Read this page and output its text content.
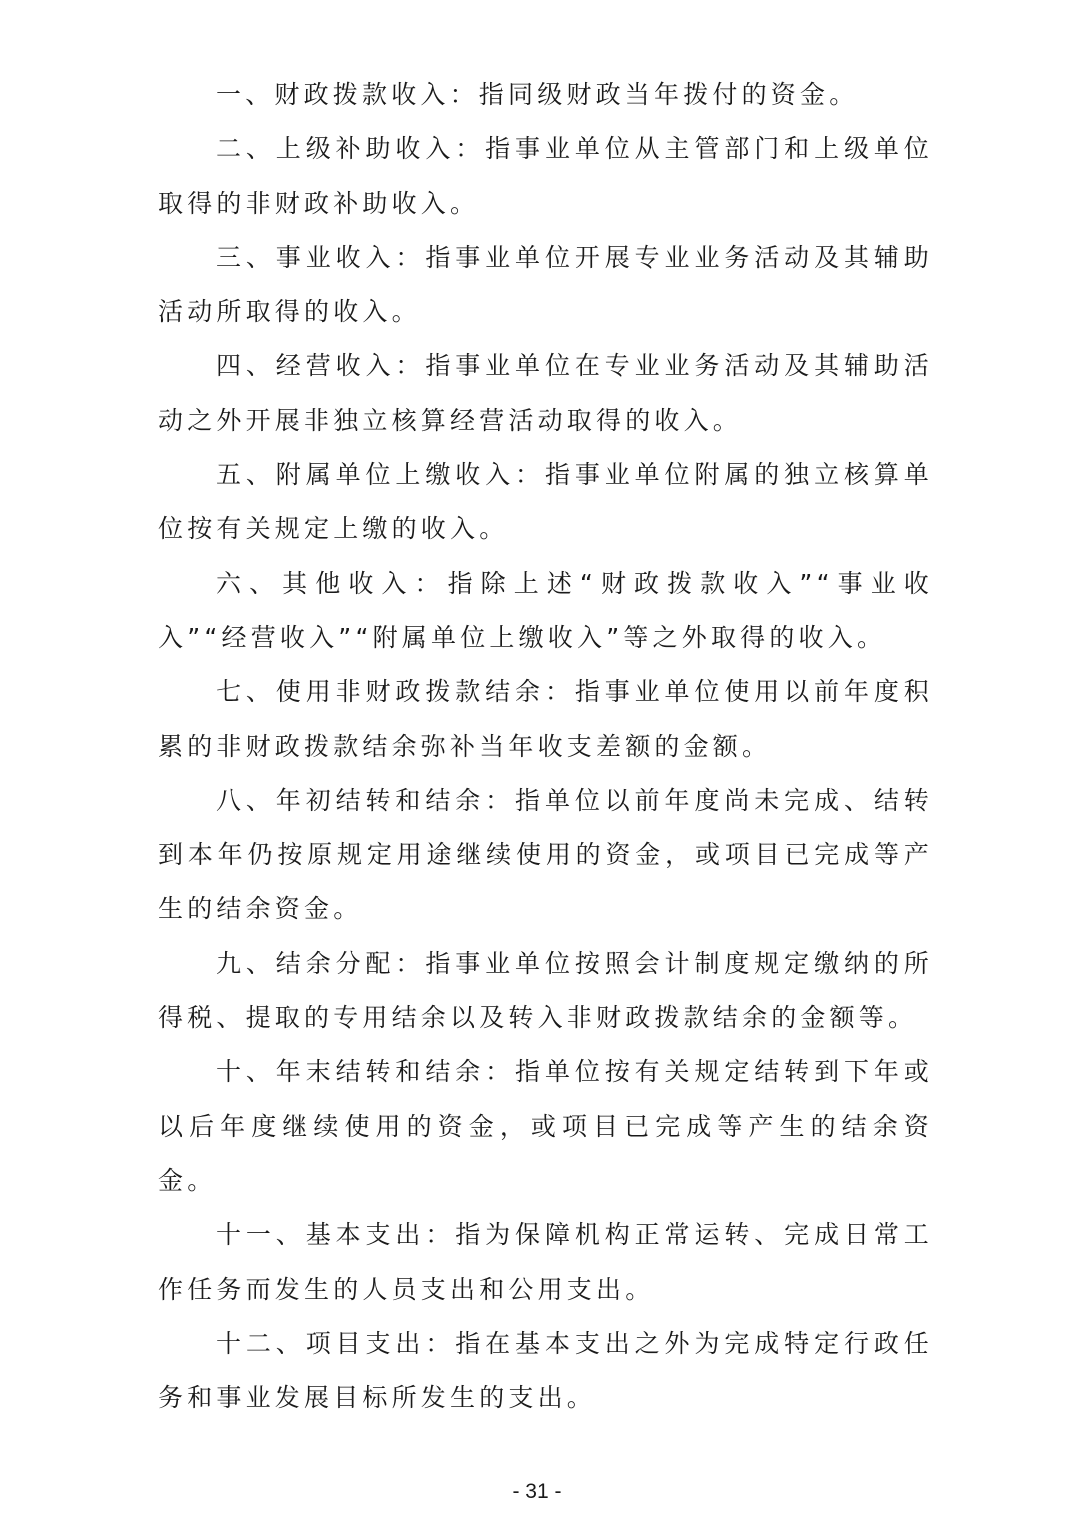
一、财政拨款收入：指同级财政当年拨付的资金。

二、上级补助收入：指事业单位从主管部门和上级单位取得的非财政补助收入。

三、事业收入：指事业单位开展专业业务活动及其辅助活动所取得的收入。

四、经营收入：指事业单位在专业业务活动及其辅助活动之外开展非独立核算经营活动取得的收入。

五、附属单位上缴收入：指事业单位附属的独立核算单位按有关规定上缴的收入。

六、其他收入：指除上述“财政拨款收入”“事业收入”“经营收入”“附属单位上缴收入”等之外取得的收入。

七、使用非财政拨款结余：指事业单位使用以前年度积累的非财政拨款结余弥补当年收支差额的金额。

八、年初结转和结余：指单位以前年度尚未完成、结转到本年仍按原规定用途继续使用的资金，或项目已完成等产生的结余资金。

九、结余分配：指事业单位按照会计制度规定缴纳的所得税、提取的专用结余以及转入非财政拨款结余的金额等。

十、年末结转和结余：指单位按有关规定结转到下年或以后年度继续使用的资金，或项目已完成等产生的结余资金。

十一、基本支出：指为保障机构正常运转、完成日常工作任务而发生的人员支出和公用支出。

十二、项目支出：指在基本支出之外为完成特定行政任务和事业发展目标所发生的支出。

- 31 -
